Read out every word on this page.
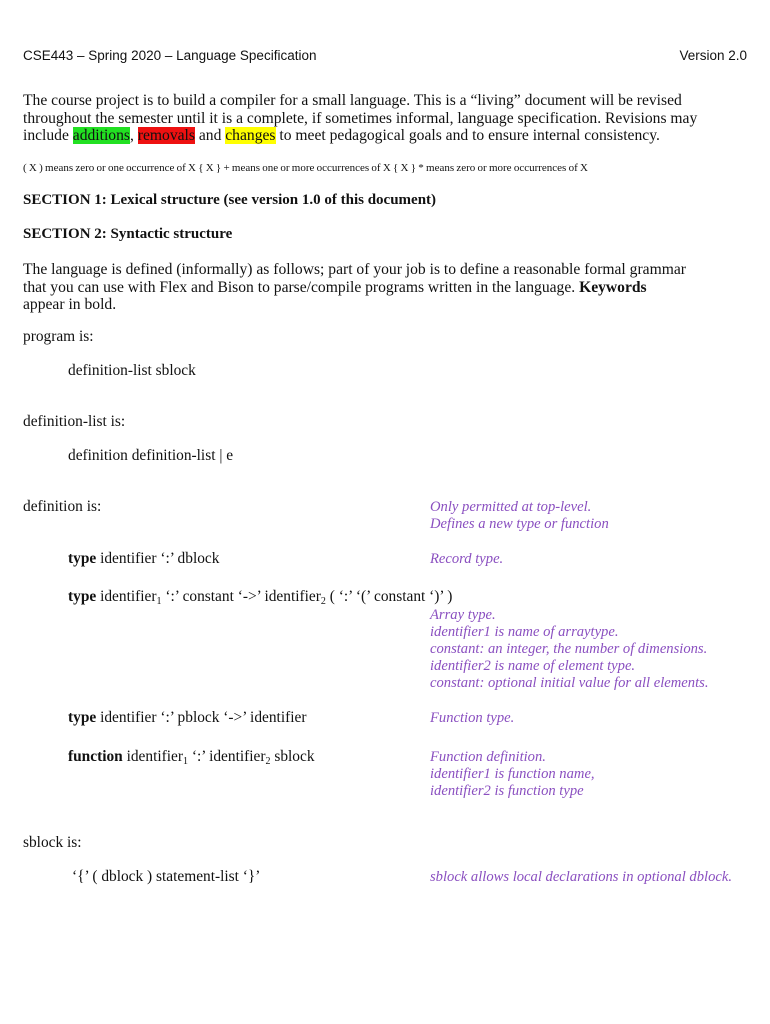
CSE443 – Spring 2020 – Language Specification	Version 2.0
The course project is to build a compiler for a small language. This is a “living” document will be revised
throughout the semester until it is a complete, if sometimes informal, language specification. Revisions may
include additions, removals and changes to meet pedagogical goals and to ensure internal consistency.
( X ) means zero or one occurrence of X { X } + means one or more occurrences of X { X } * means zero or more occurrences of X
SECTION 1: Lexical structure (see version 1.0 of this document)
SECTION 2: Syntactic structure
The language is defined (informally) as follows; part of your job is to define a reasonable formal grammar
that you can use with Flex and Bison to parse/compile programs written in the language. Keywords
appear in bold.
program is:
definition-list sblock
definition-list is:
definition definition-list | e
definition is:	Only permitted at top-level.
Defines a new type or function
type identifier ‘:’ dblock	Record type.
type identifier$_1$ ‘:’ constant ‘->’ identifier$_2$ ( ‘:’ ‘(’ constant ‘)’ )
Array type.
identifier1 is name of arraytype.
constant: an integer, the number of dimensions.
identifier2 is name of element type.
constant: optional initial value for all elements.
type identifier ‘:’ pblock ‘->’ identifier	Function type.
function identifier$_1$ ‘:’ identifier$_2$ sblock	Function definition.
identifier1 is function name,
identifier2 is function type
sblock is:
‘{’ ( dblock ) statement-list ‘}’	sblock allows local declarations in optional dblock.
